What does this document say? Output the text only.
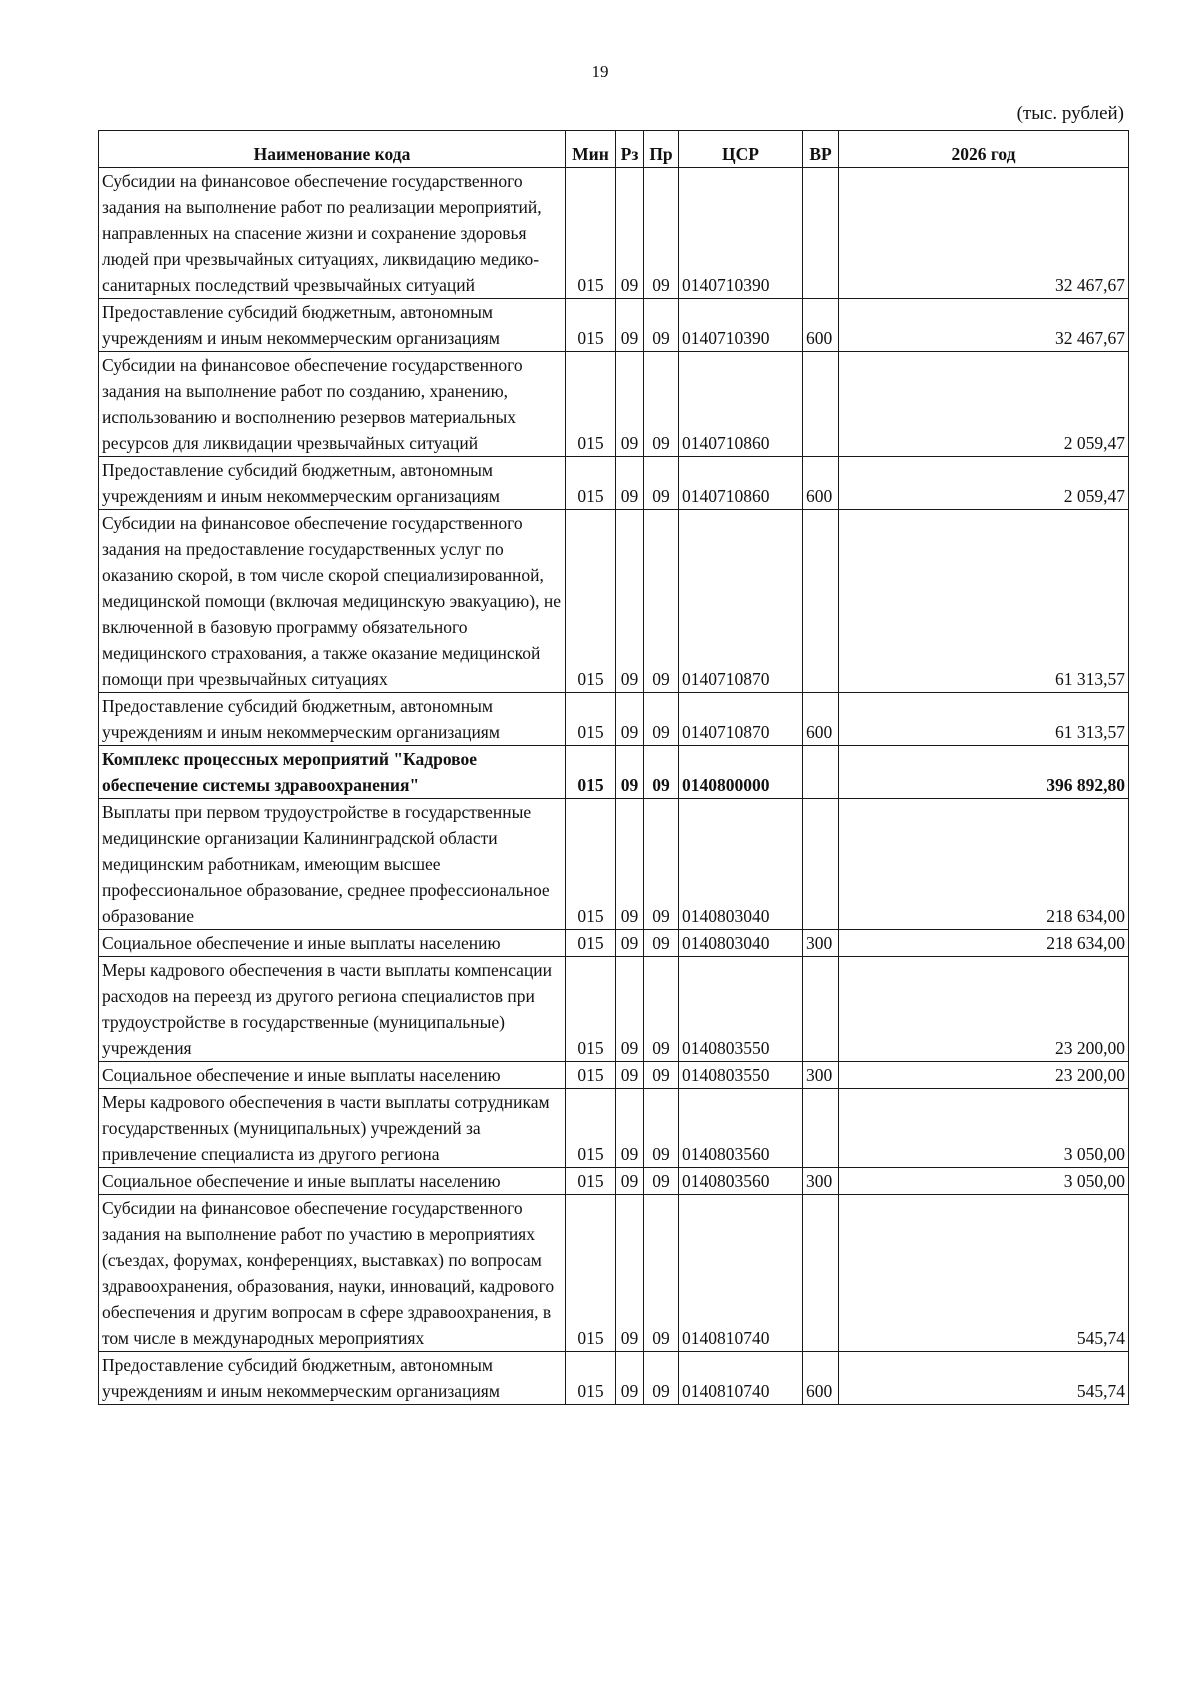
19
(тыс. рублей)
Наименование кода	Мин	Рз	Пр	ЦСР	ВР	2026 год
Субсидии на финансовое обеспечение государственного задания на выполнение работ по реализации мероприятий, направленных на спасение жизни и сохранение здоровья людей при чрезвычайных ситуациях, ликвидацию медико-санитарных последствий чрезвычайных ситуаций	015	09	09	0140710390		32 467,67
Предоставление субсидий бюджетным, автономным учреждениям и иным некоммерческим организациям	015	09	09	0140710390	600	32 467,67
Субсидии на финансовое обеспечение государственного задания на выполнение работ по созданию, хранению, использованию и восполнению резервов материальных ресурсов для ликвидации чрезвычайных ситуаций	015	09	09	0140710860		2 059,47
Предоставление субсидий бюджетным, автономным учреждениям и иным некоммерческим организациям	015	09	09	0140710860	600	2 059,47
Субсидии на финансовое обеспечение государственного задания на предоставление государственных услуг по оказанию скорой, в том числе скорой специализированной, медицинской помощи (включая медицинскую эвакуацию), не включенной в базовую программу обязательного медицинского страхования, а также оказание медицинской помощи при чрезвычайных ситуациях	015	09	09	0140710870		61 313,57
Предоставление субсидий бюджетным, автономным учреждениям и иным некоммерческим организациям	015	09	09	0140710870	600	61 313,57
Комплекс процессных мероприятий "Кадровое обеспечение системы здравоохранения"	015	09	09	0140800000		396 892,80
Выплаты при первом трудоустройстве в государственные медицинские организации Калининградской области медицинским работникам, имеющим высшее профессиональное образование, среднее профессиональное образование	015	09	09	0140803040		218 634,00
Социальное обеспечение и иные выплаты населению	015	09	09	0140803040	300	218 634,00
Меры кадрового обеспечения в части выплаты компенсации расходов на переезд из другого региона специалистов при трудоустройстве в государственные (муниципальные) учреждения	015	09	09	0140803550		23 200,00
Социальное обеспечение и иные выплаты населению	015	09	09	0140803550	300	23 200,00
Меры кадрового обеспечения в части выплаты сотрудникам государственных (муниципальных) учреждений за привлечение специалиста из другого региона	015	09	09	0140803560		3 050,00
Социальное обеспечение и иные выплаты населению	015	09	09	0140803560	300	3 050,00
Субсидии на финансовое обеспечение государственного задания на выполнение работ по участию в мероприятиях (съездах, форумах, конференциях, выставках) по вопросам здравоохранения, образования, науки, инноваций, кадрового обеспечения и другим вопросам в сфере здравоохранения, в том числе в международных мероприятиях	015	09	09	0140810740		545,74
Предоставление субсидий бюджетным, автономным учреждениям и иным некоммерческим организациям	015	09	09	0140810740	600	545,74
